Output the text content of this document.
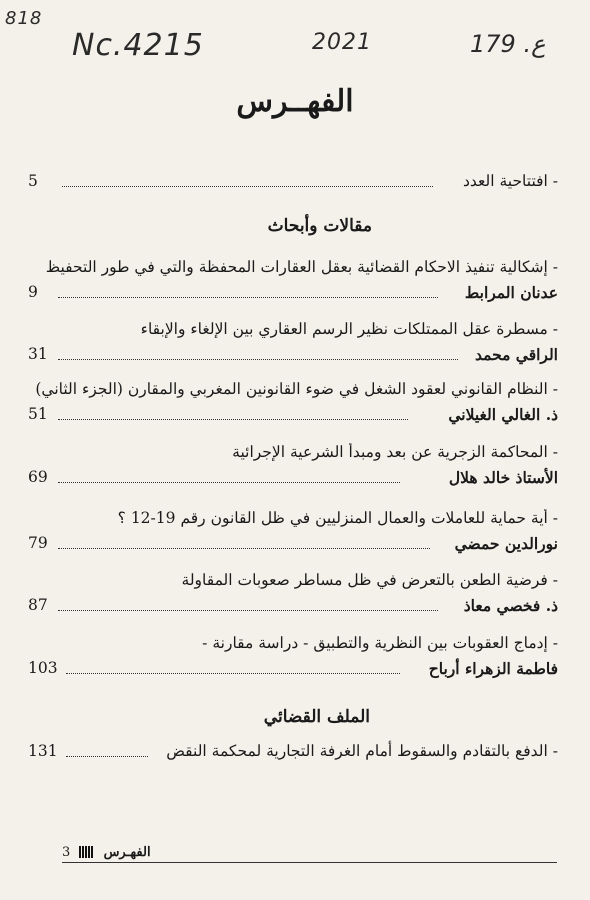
818
Nc.4215	2021	179 .ع
الفهــرس
- افتتاحية العدد
5
مقالات وأبحاث
- إشكالية تنفيذ الاحكام القضائية بعقل العقارات المحفظة والتي في طور التحفيظ
عدنان المرابط
9
- مسطرة عقل الممتلكات نظير الرسم العقاري بين الإلغاء والإبقاء
الراقي محمد
31
- النظام القانوني لعقود الشغل في ضوء القانونين المغربي والمقارن (الجزء الثاني)
ذ. الغالي الغيلاني
51
- المحاكمة الزجرية عن بعد ومبدأ الشرعية الإجرائية
الأستاذ خالد هلال
69
- أية حماية للعاملات والعمال المنزليين في ظل القانون رقم 19-12 ؟
نورالدين حمضي
79
- فرضية الطعن بالتعرض في ظل مساطر صعوبات المقاولة
ذ. فخصي معاذ
87
- إدماج العقوبات بين النظرية والتطبيق - دراسة مقارنة -
فاطمة الزهراء أرباح
103
الملف القضائي
- الدفع بالتقادم والسقوط أمام الغرفة التجارية لمحكمة النقض
131
3	الفهـرس
